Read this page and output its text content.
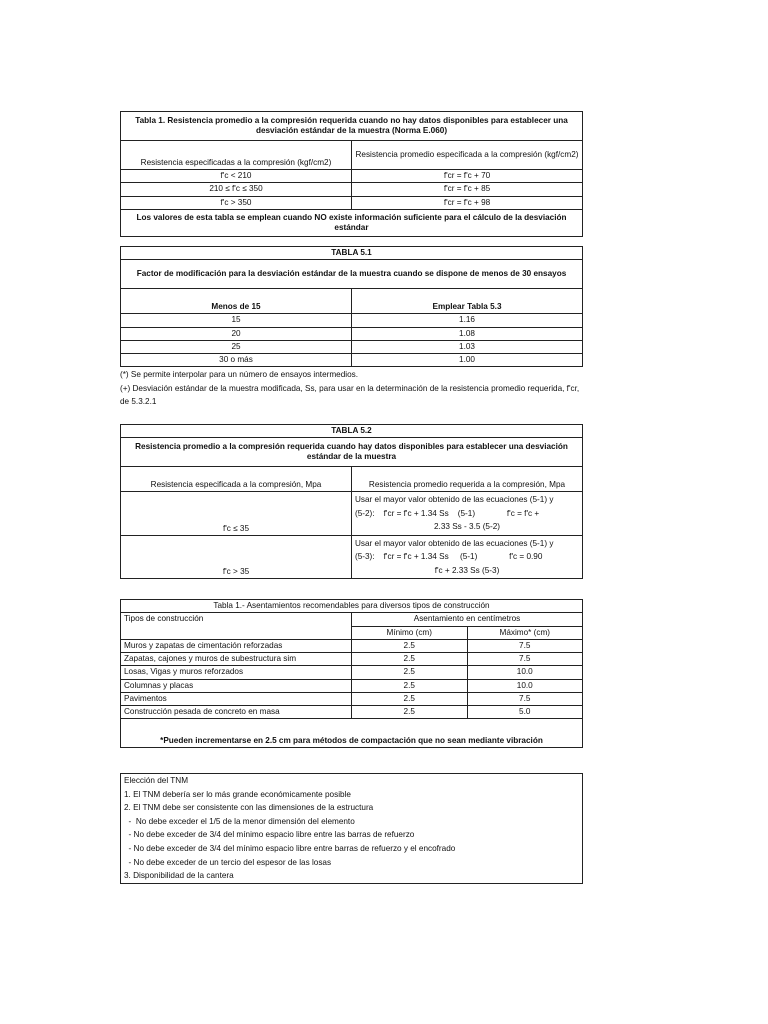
Tabla 1. Resistencia promedio a la compresión requerida cuando no hay datos disponibles para establecer una desviación estándar de la muestra (Norma E.060)	
Resistencia especificadas a la compresión (kgf/cm2)	Resistencia promedio especificada a la compresión (kgf/cm2)
f'c < 210	f'cr = f'c + 70
210 ≤ f'c ≤ 350	f'cr = f'c + 85
f'c > 350	f'cr = f'c + 98
Los valores de esta tabla se emplean cuando NO existe información suficiente para el cálculo de la desviación estándar	
TABLA 5.1	
Factor de modificación para la desviación estándar de la muestra cuando se dispone de menos de 30 ensayos	
Menos de 15	Emplear Tabla 5.3
15	1.16
20	1.08
25	1.03
30 o más	1.00
(*) Se permite interpolar para un número de ensayos intermedios.
(+) Desviación estándar de la muestra modificada, Ss, para usar en la determinación de la resistencia promedio requerida, f'cr, de 5.3.2.1
TABLA 5.2	
Resistencia promedio a la compresión requerida cuando hay datos disponibles para establecer una desviación estándar de la muestra	
Resistencia especificada a la compresión, Mpa	Resistencia promedio requerida a la compresión, Mpa
f'c ≤ 35	Usar el mayor valor obtenido de las ecuaciones (5-1) y
(5-2):    f'cr = f'c + 1.34 Ss    (5-1)              f'c = f'c +
2.33 Ss - 3.5 (5-2)

f'c > 35	Usar el mayor valor obtenido de las ecuaciones (5-1) y
(5-3):    f'cr = f'c + 1.34 Ss     (5-1)              f'c = 0.90
f'c + 2.33 Ss (5-3)
Tabla 1.- Asentamientos recomendables para diversos tipos de construcción		
Tipos de construcción	Asentamiento en centímetros	
	Mínimo (cm)	Máximo* (cm)
Muros y zapatas de cimentación reforzadas	2.5	7.5
Zapatas, cajones y muros de subestructura sim	2.5	7.5
Losas, Vigas y muros reforzados	2.5	10.0
Columnas y placas	2.5	10.0
Pavimentos	2.5	7.5
Construcción pesada de concreto en masa	2.5	5.0
*Pueden incrementarse en 2.5 cm para métodos de compactación que no sean mediante vibración		
Elección del TNM
1. El TNM debería ser lo más grande económicamente posible
2. El TNM debe ser consistente con las dimensiones de la estructura
-  No debe exceder el 1/5 de la menor dimensión del elemento
- No debe exceder de 3/4 del mínimo espacio libre entre las barras de refuerzo
- No debe exceder de 3/4 del mínimo espacio libre entre barras de refuerzo y el encofrado
- No debe exceder de un tercio del espesor de las losas
3. Disponibilidad de la cantera
